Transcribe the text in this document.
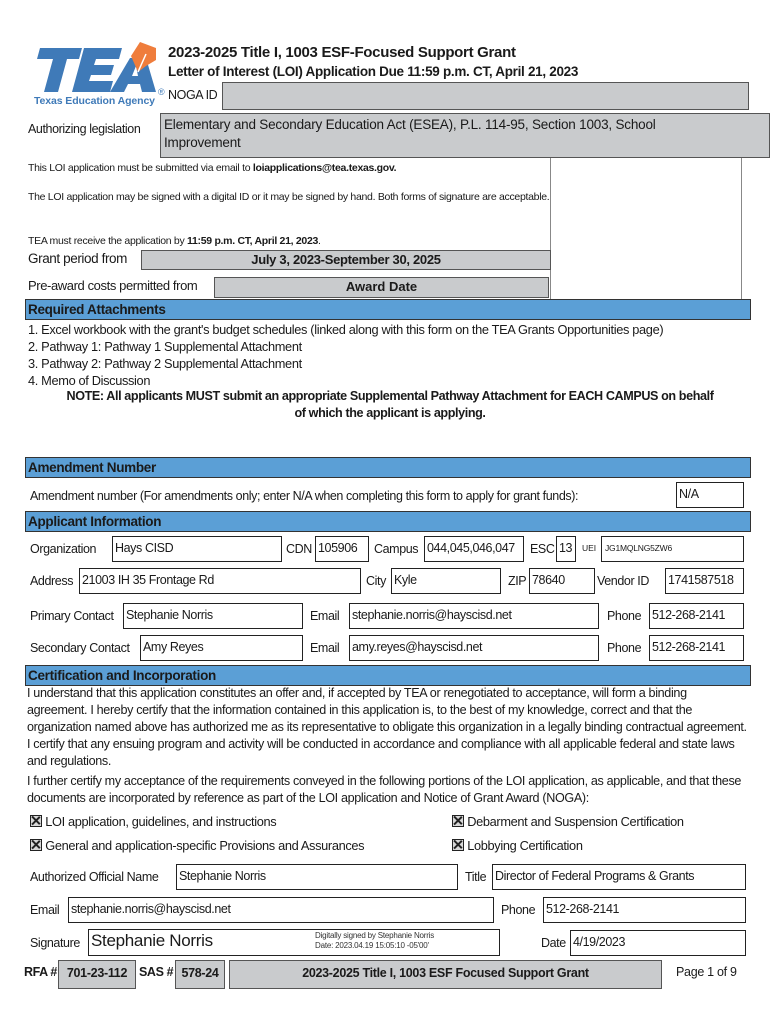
Texas Education Agency
®
2023-2025 Title I, 1003 ESF-Focused Support Grant
Letter of Interest (LOI) Application Due 11:59 p.m. CT, April 21, 2023
NOGA ID
Authorizing legislation Elementary and Secondary Education Act (ESEA), P.L. 114-95, Section 1003, School Improvement
This LOI application must be submitted via email to loiapplications@tea.texas.gov.
The LOI application may be signed with a digital ID or it may be signed by hand. Both forms of signature are acceptable.
TEA must receive the application by 11:59 p.m. CT, April 21, 2023.
Grant period from	July 3, 2023-September 30, 2025
Pre-award costs permitted from	Award Date
Required Attachments
1. Excel workbook with the grant's budget schedules (linked along with this form on the TEA Grants Opportunities page)
2. Pathway 1: Pathway 1 Supplemental Attachment
3. Pathway 2: Pathway 2 Supplemental Attachment
4. Memo of Discussion
NOTE: All applicants MUST submit an appropriate Supplemental Pathway Attachment for EACH CAMPUS on behalf
of which the applicant is applying.
Amendment Number
Amendment number (For amendments only; enter N/A when completing this form to apply for grant funds):	N/A
Applicant Information
Organization Hays CISD	CDN 105906	Campus 044,045,046,047	ESC 13	UEI	JG1MQLNG5ZW6
Address 21003 IH 35 Frontage Rd	City Kyle	ZIP 78640	Vendor ID 1741587518
Primary Contact Stephanie Norris	Email stephanie.norris@hayscisd.net	Phone 512-268-2141
Secondary Contact Amy Reyes	Email amy.reyes@hayscisd.net	Phone 512-268-2141
Certification and Incorporation
I understand that this application constitutes an offer and, if accepted by TEA or renegotiated to acceptance, will form a binding agreement. I hereby certify that the information contained in this application is, to the best of my knowledge, correct and that the organization named above has authorized me as its representative to obligate this organization in a legally binding contractual agreement. I certify that any ensuing program and activity will be conducted in accordance and compliance with all applicable federal and state laws and regulations.
I further certify my acceptance of the requirements conveyed in the following portions of the LOI application, as applicable, and that these documents are incorporated by reference as part of the LOI application and Notice of Grant Award (NOGA):
LOI application, guidelines, and instructions	Debarment and Suspension Certification
General and application-specific Provisions and Assurances	Lobbying Certification
Authorized Official Name Stephanie Norris	Title Director of Federal Programs & Grants
Email stephanie.norris@hayscisd.net	Phone 512-268-2141
Signature Stephanie Norris	Digitally signed by Stephanie Norris
Date: 2023.04.19 15:05:10 -05'00'	Date 4/19/2023
RFA # 701-23-112 SAS # 578-24	2023-2025 Title I, 1003 ESF Focused Support Grant	Page 1 of 9
